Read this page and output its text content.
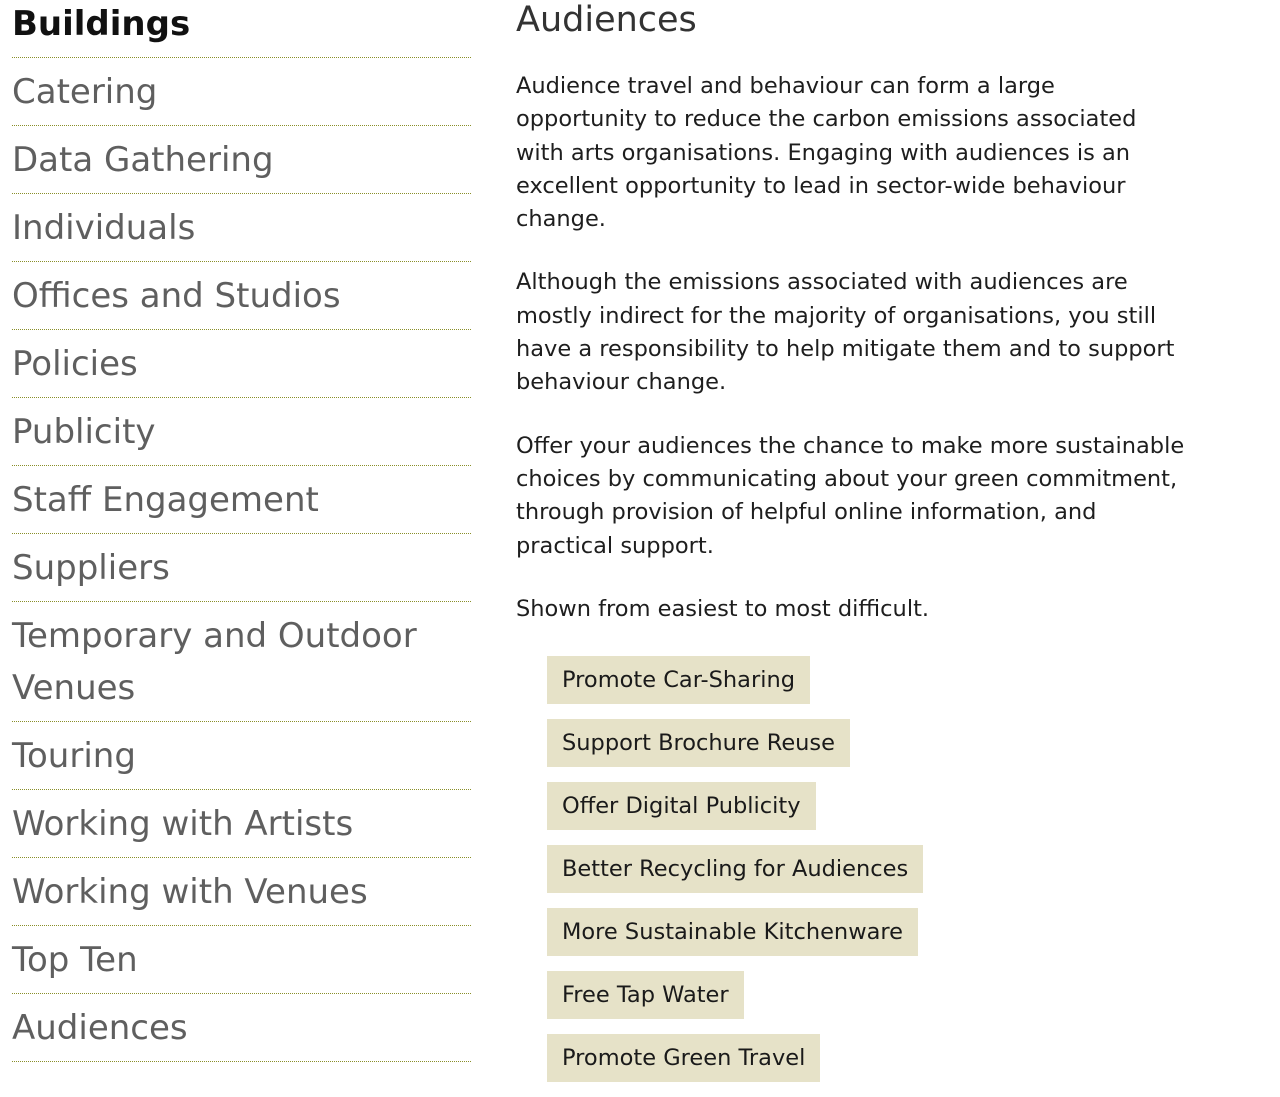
Buildings
Catering
Data Gathering
Individuals
Offices and Studios
Policies
Publicity
Staff Engagement
Suppliers
Temporary and Outdoor Venues
Touring
Working with Artists
Working with Venues
Top Ten
Audiences
Audiences

Audience travel and behaviour can form a large opportunity to reduce the carbon emissions associated with arts organisations. Engaging with audiences is an excellent opportunity to lead in sector-wide behaviour change.

Although the emissions associated with audiences are mostly indirect for the majority of organisations, you still have a responsibility to help mitigate them and to support behaviour change.

Offer your audiences the chance to make more sustainable choices by communicating about your green commitment, through provision of helpful online information, and practical support.

Shown from easiest to most difficult.

Promote Car-Sharing
Support Brochure Reuse
Offer Digital Publicity
Better Recycling for Audiences
More Sustainable Kitchenware
Free Tap Water
Promote Green Travel
